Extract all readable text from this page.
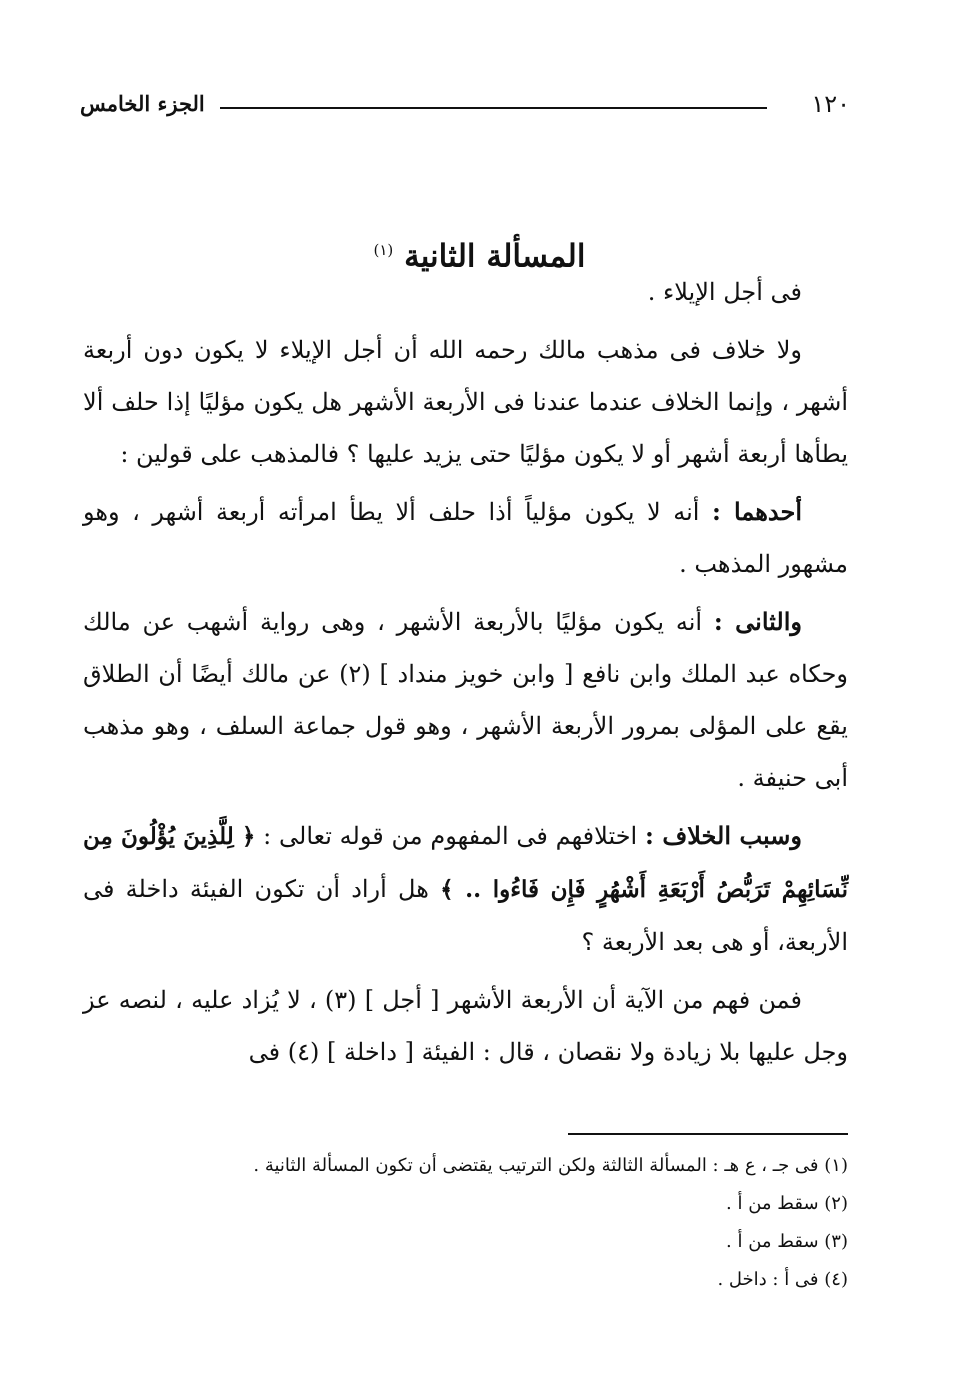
١٢٠
الجزء الخامس
المسألة الثانية $^{(١)}$

فى أجل الإيلاء .

ولا خلاف فى مذهب مالك رحمه الله أن أجل الإيلاء لا يكون دون أربعة أشهر ، وإنما الخلاف عندما عندنا فى الأربعة الأشهر هل يكون مؤليًا إذا حلف ألا يطأها أربعة أشهر أو لا يكون مؤليًا حتى يزيد عليها ؟ فالمذهب على قولين :

أحدهما : أنه لا يكون مؤلياً أذا حلف ألا يطأ امرأته أربعة أشهر ، وهو مشهور المذهب .

والثانى : أنه يكون مؤليًا بالأربعة الأشهر ، وهى رواية أشهب عن مالك وحكاه عبد الملك وابن نافع [ وابن خويز منداد ] (٢) عن مالك أيضًا أن الطلاق يقع على المؤلى بمرور الأربعة الأشهر ، وهو قول جماعة السلف ، وهو مذهب أبى حنيفة .

وسبب الخلاف : اختلافهم فى المفهوم من قوله تعالى : ﴿ لِلَّذِينَ يُؤْلُونَ مِن نِّسَائِهِمْ تَرَبُّصُ أَرْبَعَةِ أَشْهُرٍ فَإِن فَاءُوا .. ﴾ هل أراد أن تكون الفيئة داخلة فى الأربعة، أو هى بعد الأربعة ؟

فمن فهم من الآية أن الأربعة الأشهر [ أجل ] (٣) ، لا يُزاد عليه ، لنصه عز وجل عليها بلا زيادة ولا نقصان ، قال : الفيئة [ داخلة ] (٤) فى

(١) فى جـ ، ع هـ : المسألة الثالثة ولكن الترتيب يقتضى أن تكون المسألة الثانية .

(٢) سقط من أ .

(٣) سقط من أ .

(٤) فى أ : داخل .
